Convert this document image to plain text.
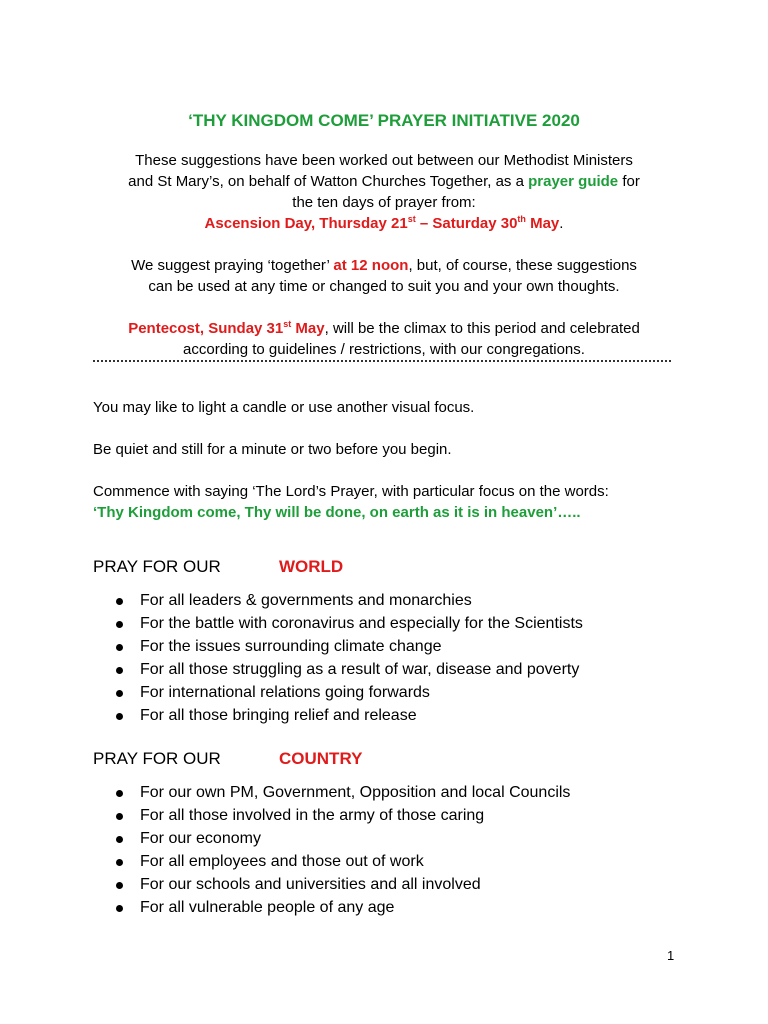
‘THY KINGDOM COME’ PRAYER INITIATIVE 2020

These suggestions have been worked out between our Methodist Ministers

and St Mary’s, on behalf of Watton Churches Together, as a prayer guide for

the ten days of prayer from:

Ascension Day, Thursday 21st – Saturday 30th May.

We suggest praying ‘together’ at 12 noon, but, of course, these suggestions

can be used at any time or changed to suit you and your own thoughts.

Pentecost, Sunday 31st May, will be the climax to this period and celebrated

according to guidelines / restrictions, with our congregations.

You may like to light a candle or use another visual focus.

Be quiet and still for a minute or two before you begin.

Commence with saying ‘The Lord’s Prayer, with particular focus on the words:

‘Thy Kingdom come, Thy will be done, on earth as it is in heaven’…..

PRAY FOR OUR	WORLD
For all leaders & governments and monarchies
For the battle with coronavirus and especially for the Scientists
For the issues surrounding climate change
For all those struggling as a result of war, disease and poverty
For international relations going forwards
For all those bringing relief and release
PRAY FOR OUR	COUNTRY
For our own PM, Government, Opposition and local Councils
For all those involved in the army of those caring
For our economy
For all employees and those out of work
For our schools and universities and all involved
For all vulnerable people of any age
1
